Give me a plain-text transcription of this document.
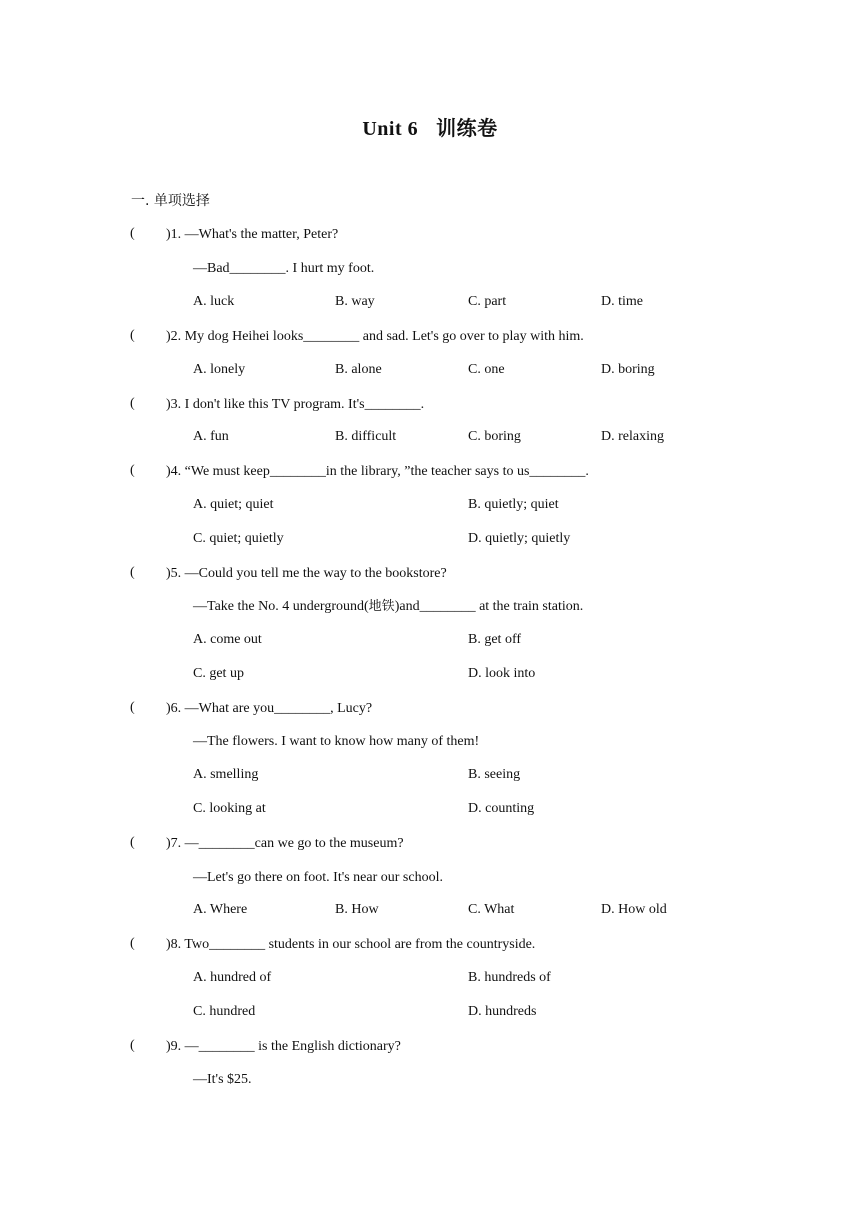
Unit 6 训练卷
一. 单项选择
( )1. —What's the matter, Peter?
—Bad________. I hurt my foot.
A. luck	B. way	C. part	D. time
( )2. My dog Heihei looks________ and sad. Let's go over to play with him.
A. lonely	B. alone	C. one	D. boring
( )3. I don't like this TV program. It's________.
A. fun	B. difficult	C. boring	D. relaxing
( )4. “We must keep________in the library, ”the teacher says to us________.
A. quiet; quiet	B. quietly; quiet
C. quiet; quietly	D. quietly; quietly
( )5. —Could you tell me the way to the bookstore?
—Take the No. 4 underground(地铁)and________ at the train station.
A. come out	B. get off
C. get up	D. look into
( )6. —What are you________, Lucy?
—The flowers. I want to know how many of them!
A. smelling	B. seeing
C. looking at	D. counting
( )7. —________can we go to the museum?
—Let's go there on foot. It's near our school.
A. Where	B. How	C. What	D. How old
( )8. Two________ students in our school are from the countryside.
A. hundred of	B. hundreds of
C. hundred	D. hundreds
( )9. —________ is the English dictionary?
—It's $25.
